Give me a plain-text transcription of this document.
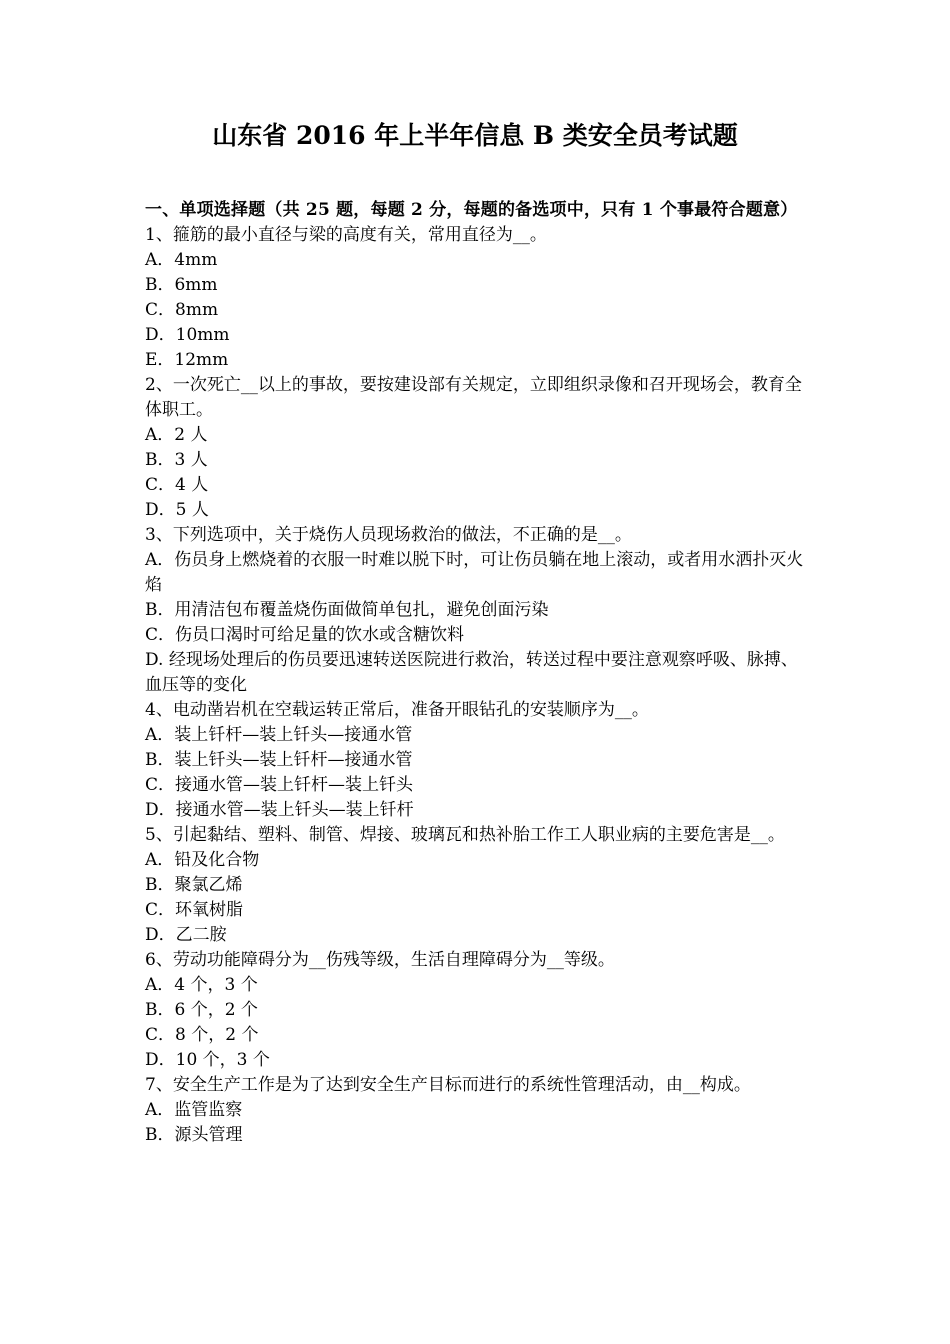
山东省 2016 年上半年信息 B 类安全员考试题
一、单项选择题（共 25 题，每题 2 分，每题的备选项中，只有 1 个事最符合题意）
1、箍筋的最小直径与梁的高度有关，常用直径为__。
A．4mm
B．6mm
C．8mm
D．10mm
E．12mm
2、一次死亡__以上的事故，要按建设部有关规定，立即组织录像和召开现场会，教育全体职工。
A．2 人
B．3 人
C．4 人
D．5 人
3、下列选项中，关于烧伤人员现场救治的做法，不正确的是__。
A．伤员身上燃烧着的衣服一时难以脱下时，可让伤员躺在地上滚动，或者用水洒扑灭火焰
B．用清洁包布覆盖烧伤面做简单包扎，避免创面污染
C．伤员口渴时可给足量的饮水或含糖饮料
D. 经现场处理后的伤员要迅速转送医院进行救治，转送过程中要注意观察呼吸、脉搏、血压等的变化
4、电动凿岩机在空载运转正常后，准备开眼钻孔的安装顺序为__。
A．装上钎杆—装上钎头—接通水管
B．装上钎头—装上钎杆—接通水管
C．接通水管—装上钎杆—装上钎头
D．接通水管—装上钎头—装上钎杆
5、引起黏结、塑料、制管、焊接、玻璃瓦和热补胎工作工人职业病的主要危害是__。
A．铅及化合物
B．聚氯乙烯
C．环氧树脂
D．乙二胺
6、劳动功能障碍分为__伤残等级，生活自理障碍分为__等级。
A．4 个，3 个
B．6 个，2 个
C．8 个，2 个
D．10 个，3 个
7、安全生产工作是为了达到安全生产目标而进行的系统性管理活动，由__构成。
A．监管监察
B．源头管理
